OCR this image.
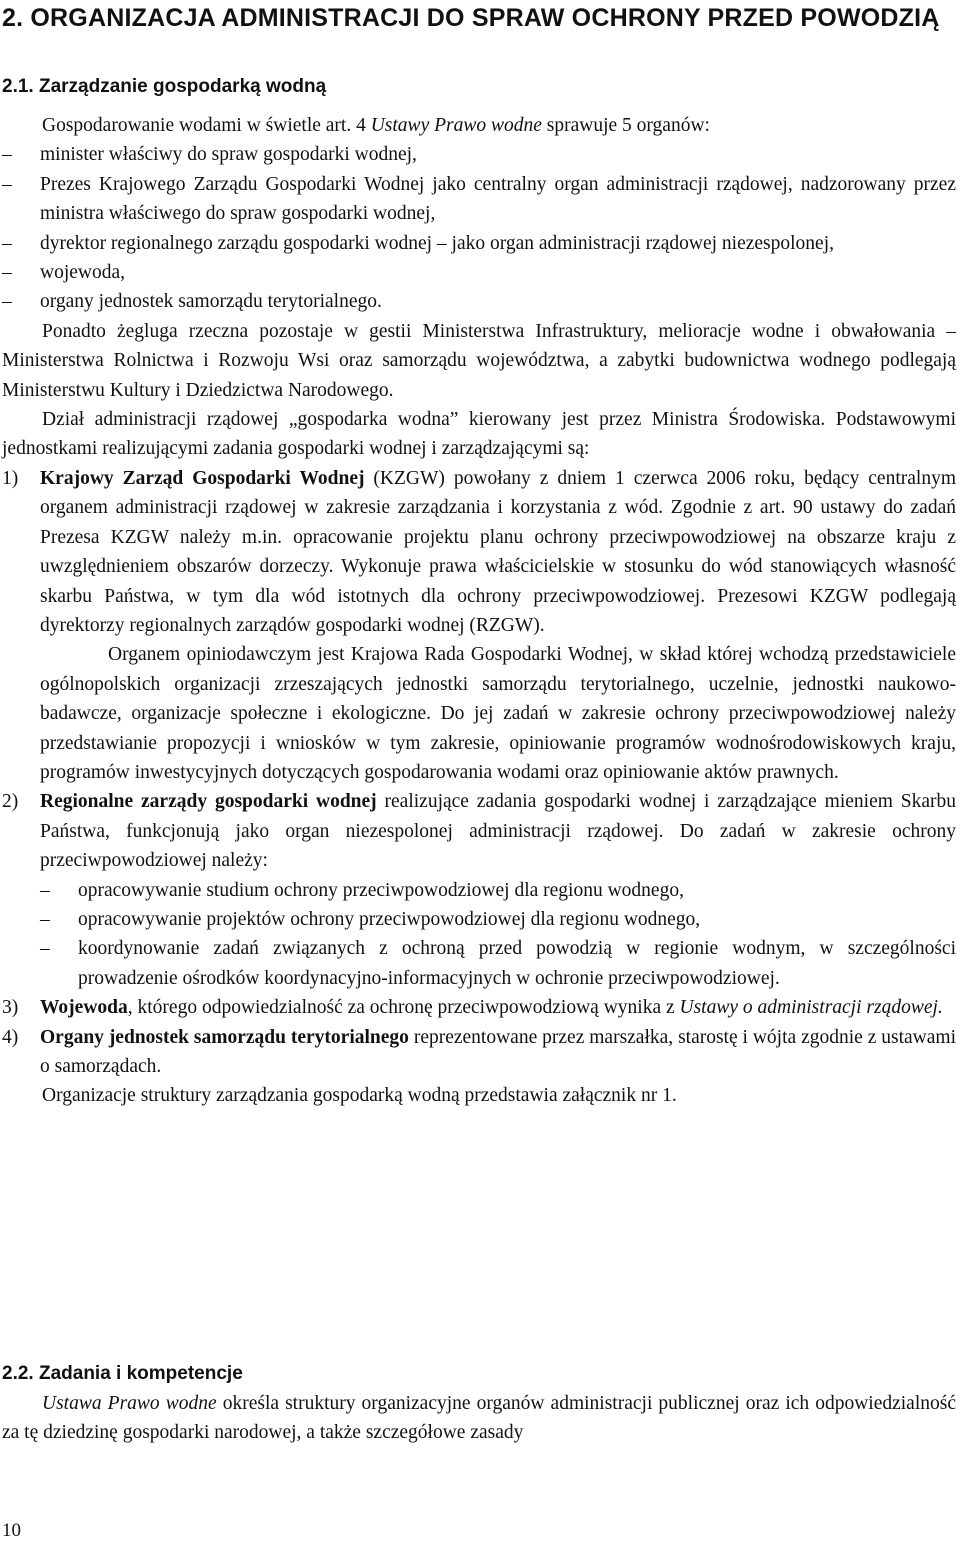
2. ORGANIZACJA ADMINISTRACJI DO SPRAW OCHRONY PRZED POWODZIĄ
2.1. Zarządzanie gospodarką wodną

Gospodarowanie wodami w świetle art. 4 Ustawy Prawo wodne sprawuje 5 organów:

–	minister właściwy do spraw gospodarki wodnej,
–	Prezes Krajowego Zarządu Gospodarki Wodnej jako centralny organ administracji rządowej, nadzorowany przez ministra właściwego do spraw gospodarki wodnej,
–	dyrektor regionalnego zarządu gospodarki wodnej – jako organ administracji rządowej niezespolonej,
–	wojewoda,
–	organy jednostek samorządu terytorialnego.

Ponadto żegluga rzeczna pozostaje w gestii Ministerstwa Infrastruktury, melioracje wodne i obwałowania – Ministerstwa Rolnictwa i Rozwoju Wsi oraz samorządu województwa, a zabytki budownictwa wodnego podlegają Ministerstwu Kultury i Dziedzictwa Narodowego.

Dział administracji rządowej „gospodarka wodna” kierowany jest przez Ministra Środowiska. Podstawowymi jednostkami realizującymi zadania gospodarki wodnej i zarządzającymi są:

1)	Krajowy Zarząd Gospodarki Wodnej (KZGW) powołany z dniem 1 czerwca 2006 roku, będący centralnym organem administracji rządowej w zakresie zarządzania i korzystania z wód. Zgodnie z art. 90 ustawy do zadań Prezesa KZGW należy m.in. opracowanie projektu planu ochrony przeciwpowodziowej na obszarze kraju z uwzględnieniem obszarów dorzeczy. Wykonuje prawa właścicielskie w stosunku do wód stanowiących własność skarbu Państwa, w tym dla wód istotnych dla ochrony przeciwpowodziowej. Prezesowi KZGW podlegają dyrektorzy regionalnych zarządów gospodarki wodnej (RZGW).

Organem opiniodawczym jest Krajowa Rada Gospodarki Wodnej, w skład której wchodzą przedstawiciele ogólnopolskich organizacji zrzeszających jednostki samorządu terytorialnego, uczelnie, jednostki naukowo-badawcze, organizacje społeczne i ekologiczne. Do jej zadań w zakresie ochrony przeciwpowodziowej należy przedstawianie propozycji i wniosków w tym zakresie, opiniowanie programów wodnośrodowiskowych kraju, programów inwestycyjnych dotyczących gospodarowania wodami oraz opiniowanie aktów prawnych.

2)	Regionalne zarządy gospodarki wodnej realizujące zadania gospodarki wodnej i zarządzające mieniem Skarbu Państwa, funkcjonują jako organ niezespolonej administracji rządowej. Do zadań w zakresie ochrony przeciwpowodziowej należy:

–	opracowywanie studium ochrony przeciwpowodziowej dla regionu wodnego,
–	opracowywanie projektów ochrony przeciwpowodziowej dla regionu wodnego,
–	koordynowanie zadań związanych z ochroną przed powodzią w regionie wodnym, w szczególności prowadzenie ośrodków koordynacyjno-informacyjnych w ochronie przeciwpowodziowej.
3)	Wojewoda, którego odpowiedzialność za ochronę przeciwpowodziową wynika z Ustawy o administracji rządowej.

4)	Organy jednostek samorządu terytorialnego reprezentowane przez marszałka, starostę i wójta zgodnie z ustawami o samorządach.

Organizacje struktury zarządzania gospodarką wodną przedstawia załącznik nr 1.

2.2. Zadania i kompetencje

Ustawa Prawo wodne określa struktury organizacyjne organów administracji publicznej oraz ich odpowiedzialność za tę dziedzinę gospodarki narodowej, a także szczegółowe zasady

10
